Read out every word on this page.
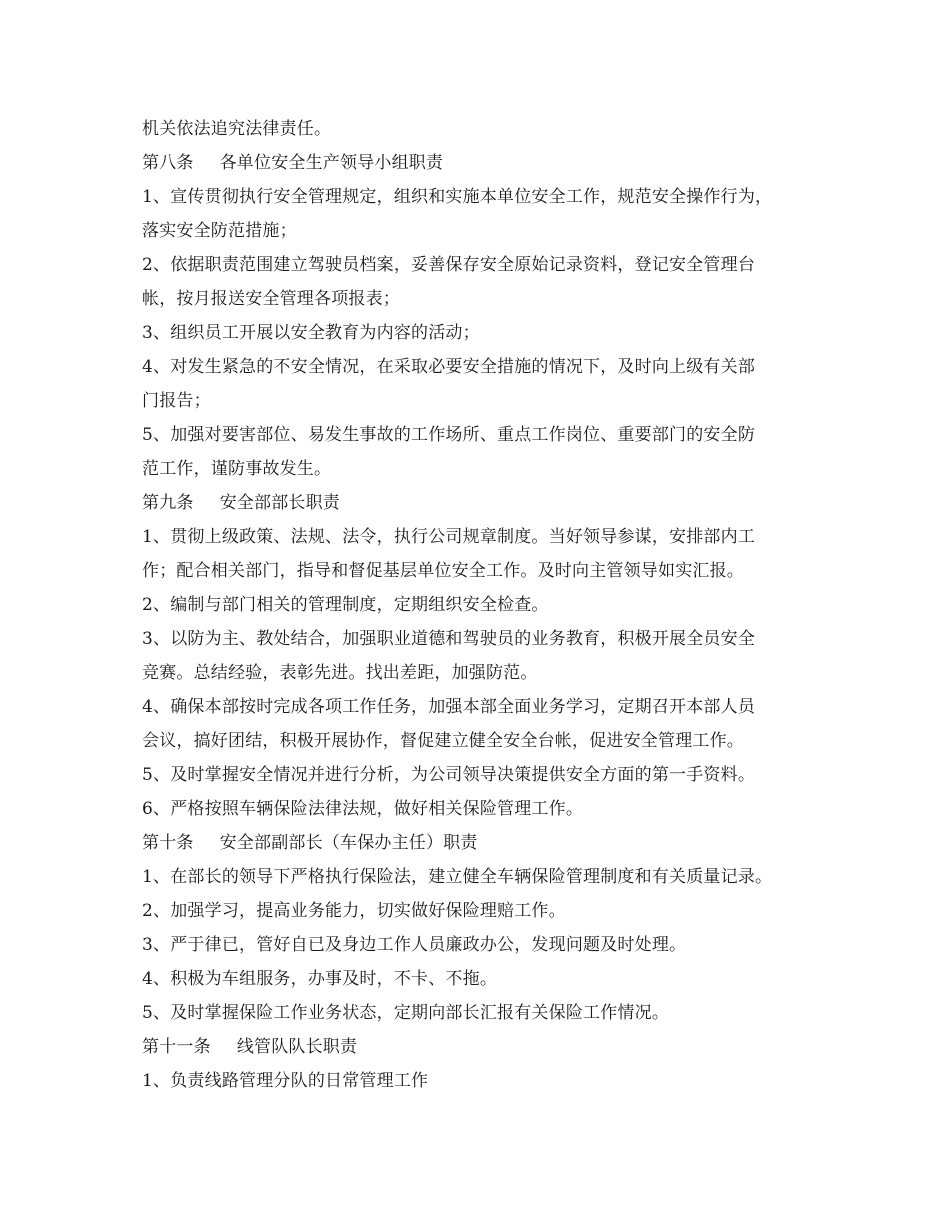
机关依法追究法律责任。
第八条 各单位安全生产领导小组职责
1、宣传贯彻执行安全管理规定，组织和实施本单位安全工作，规范安全操作行为，
落实安全防范措施；
2、依据职责范围建立驾驶员档案，妥善保存安全原始记录资料，登记安全管理台
帐，按月报送安全管理各项报表；
3、组织员工开展以安全教育为内容的活动；
4、对发生紧急的不安全情况，在采取必要安全措施的情况下，及时向上级有关部
门报告；
5、加强对要害部位、易发生事故的工作场所、重点工作岗位、重要部门的安全防
范工作，谨防事故发生。
第九条 安全部部长职责
1、贯彻上级政策、法规、法令，执行公司规章制度。当好领导参谋，安排部内工
作；配合相关部门，指导和督促基层单位安全工作。及时向主管领导如实汇报。
2、编制与部门相关的管理制度，定期组织安全检查。
3、以防为主、教处结合，加强职业道德和驾驶员的业务教育，积极开展全员安全
竞赛。总结经验，表彰先进。找出差距，加强防范。
4、确保本部按时完成各项工作任务，加强本部全面业务学习，定期召开本部人员
会议，搞好团结，积极开展协作，督促建立健全安全台帐，促进安全管理工作。
5、及时掌握安全情况并进行分析，为公司领导决策提供安全方面的第一手资料。
6、严格按照车辆保险法律法规，做好相关保险管理工作。
第十条 安全部副部长（车保办主任）职责
1、在部长的领导下严格执行保险法，建立健全车辆保险管理制度和有关质量记录。
2、加强学习，提高业务能力，切实做好保险理赔工作。
3、严于律已，管好自已及身边工作人员廉政办公，发现问题及时处理。
4、积极为车组服务，办事及时，不卡、不拖。
5、及时掌握保险工作业务状态，定期向部长汇报有关保险工作情况。
第十一条 线管队队长职责
1、负责线路管理分队的日常管理工作
